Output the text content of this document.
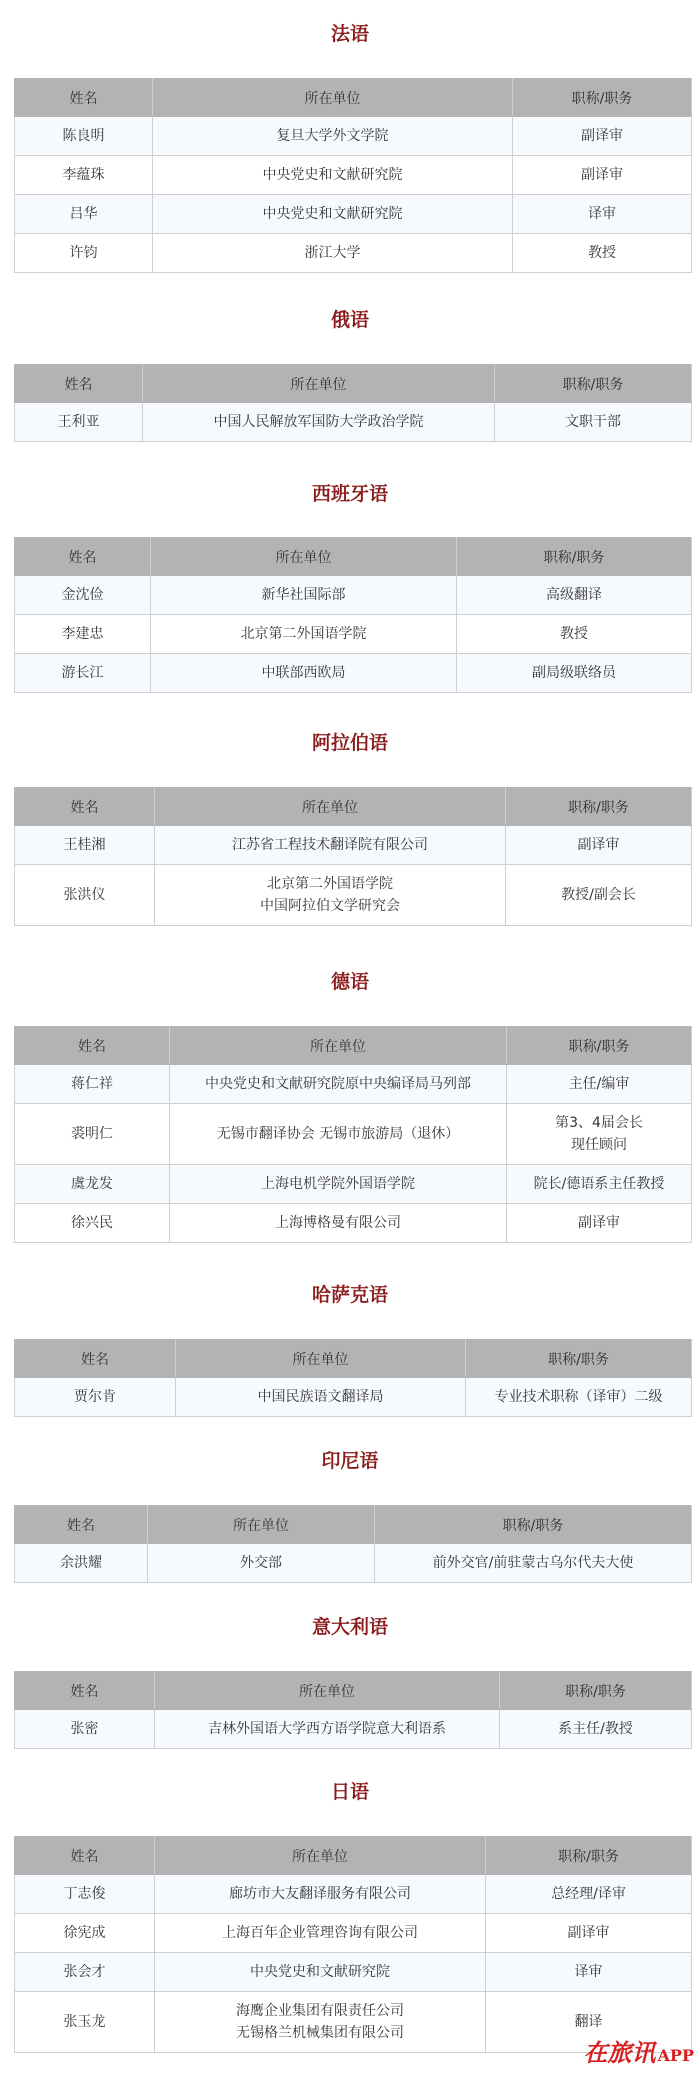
法语
姓名	所在单位	职称/职务
陈良明	复旦大学外文学院	副译审

李蕴珠	中央党史和文献研究院	副译审

吕华	中央党史和文献研究院	译审

许钧	浙江大学	教授
俄语
姓名	所在单位	职称/职务
王利亚	中国人民解放军国防大学政治学院	文职干部
西班牙语
姓名	所在单位	职称/职务
金沈俭	新华社国际部	高级翻译

李建忠	北京第二外国语学院	教授

游长江	中联部西欧局	副局级联络员
阿拉伯语
姓名	所在单位	职称/职务
王桂湘	江苏省工程技术翻译院有限公司	副译审

张洪仪	北京第二外国语学院
中国阿拉伯文学研究会	教授/副会长
德语
姓名	所在单位	职称/职务
蒋仁祥	中央党史和文献研究院原中央编译局马列部	主任/编审

裘明仁	无锡市翻译协会 无锡市旅游局（退休）	第3、4届会长
现任顾问

虞龙发	上海电机学院外国语学院	院长/德语系主任教授

徐兴民	上海博格曼有限公司	副译审
哈萨克语
姓名	所在单位	职称/职务
贾尔肯	中国民族语文翻译局	专业技术职称（译审）二级
印尼语
姓名	所在单位	职称/职务
余洪耀	外交部	前外交官/前驻蒙古乌尔代夫大使
意大利语
姓名	所在单位	职称/职务
张密	吉林外国语大学西方语学院意大利语系	系主任/教授
日语
姓名	所在单位	职称/职务
丁志俊	廊坊市大友翻译服务有限公司	总经理/译审

徐宪成	上海百年企业管理咨询有限公司	副译审

张会才	中央党史和文献研究院	译审

张玉龙	海鹰企业集团有限责任公司
无锡格兰机械集团有限公司	翻译
在旅讯 APP
